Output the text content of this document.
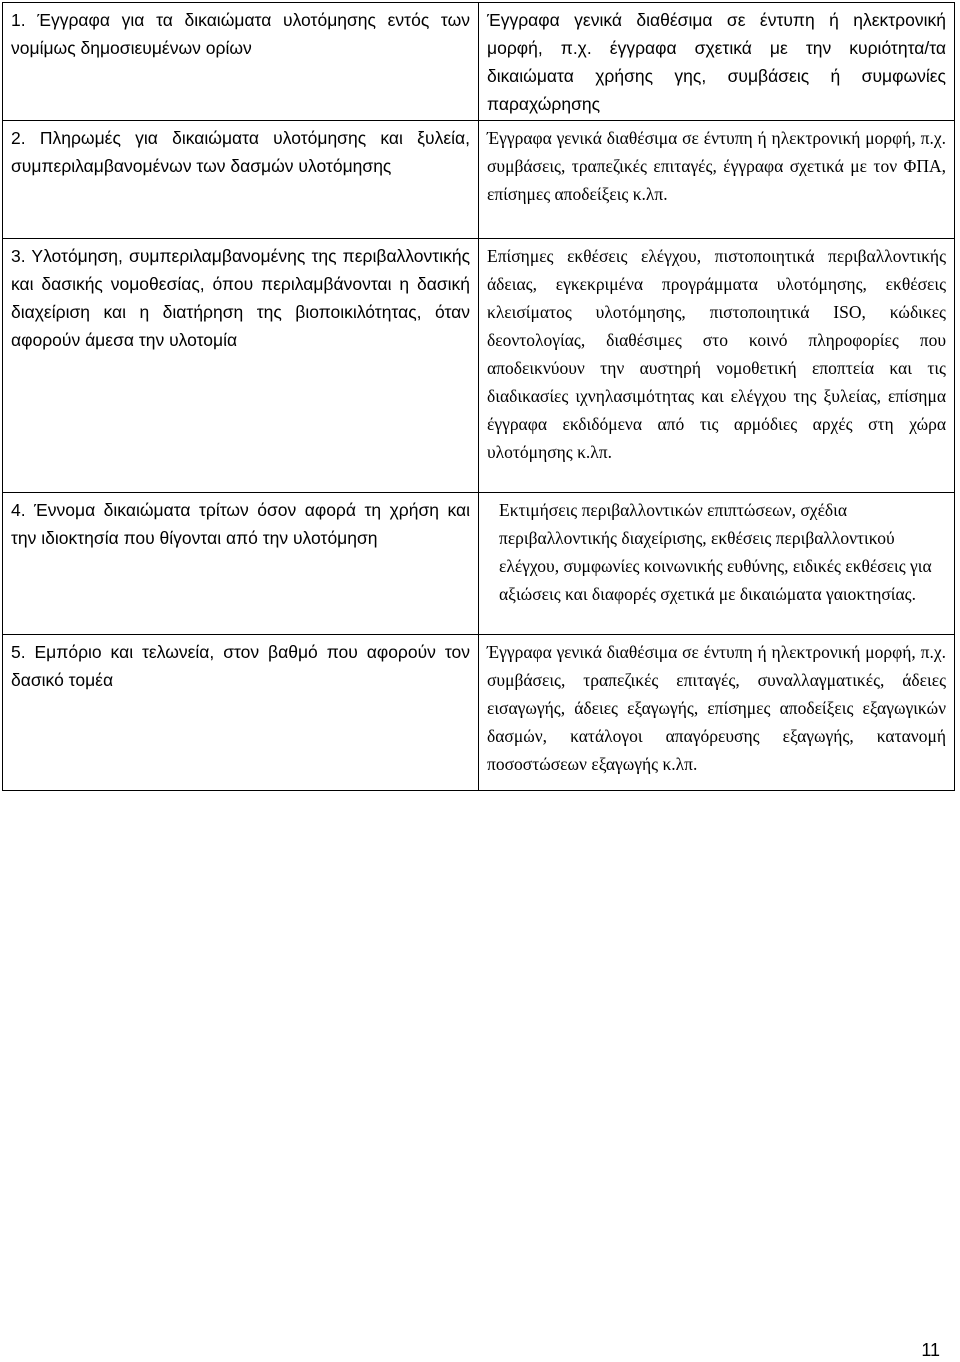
1. Έγγραφα για τα δικαιώματα υλοτόμησης εντός των νομίμως δημοσιευμένων ορίων	Έγγραφα γενικά διαθέσιμα σε έντυπη ή ηλεκτρονική μορφή, π.χ. έγγραφα σχετικά με την κυριότητα/τα δικαιώματα χρήσης γης, συμβάσεις ή συμφωνίες παραχώρησης
2. Πληρωμές για δικαιώματα υλοτόμησης και ξυλεία, συμπεριλαμβανομένων των δασμών υλοτόμησης	Έγγραφα γενικά διαθέσιμα σε έντυπη ή ηλεκτρονική μορφή, π.χ. συμβάσεις, τραπεζικές επιταγές, έγγραφα σχετικά με τον ΦΠΑ, επίσημες αποδείξεις κ.λπ.
3. Υλοτόμηση, συμπεριλαμβανομένης της περιβαλλοντικής και δασικής νομοθεσίας, όπου περιλαμβάνονται η δασική διαχείριση και η διατήρηση της βιοποικιλότητας, όταν αφορούν άμεσα την υλοτομία	Επίσημες εκθέσεις ελέγχου, πιστοποιητικά περιβαλλοντικής άδειας, εγκεκριμένα προγράμματα υλοτόμησης, εκθέσεις κλεισίματος υλοτόμησης, πιστοποιητικά ISO, κώδικες δεοντολογίας, διαθέσιμες στο κοινό πληροφορίες που αποδεικνύουν την αυστηρή νομοθετική εποπτεία και τις διαδικασίες ιχνηλασιμότητας και ελέγχου της ξυλείας, επίσημα έγγραφα εκδιδόμενα από τις αρμόδιες αρχές στη χώρα υλοτόμησης κ.λπ.
4. Έννομα δικαιώματα τρίτων όσον αφορά τη χρήση και την ιδιοκτησία που θίγονται από την υλοτόμηση	Εκτιμήσεις περιβαλλοντικών επιπτώσεων, σχέδια περιβαλλοντικής διαχείρισης, εκθέσεις περιβαλλοντικού ελέγχου, συμφωνίες κοινωνικής ευθύνης, ειδικές εκθέσεις για αξιώσεις και διαφορές σχετικά με δικαιώματα γαιοκτησίας.
5. Εμπόριο και τελωνεία, στον βαθμό που αφορούν τον δασικό τομέα	Έγγραφα γενικά διαθέσιμα σε έντυπη ή ηλεκτρονική μορφή, π.χ. συμβάσεις, τραπεζικές επιταγές, συναλλαγματικές, άδειες εισαγωγής, άδειες εξαγωγής, επίσημες αποδείξεις εξαγωγικών δασμών, κατάλογοι απαγόρευσης εξαγωγής, κατανομή ποσοστώσεων εξαγωγής κ.λπ.
11
